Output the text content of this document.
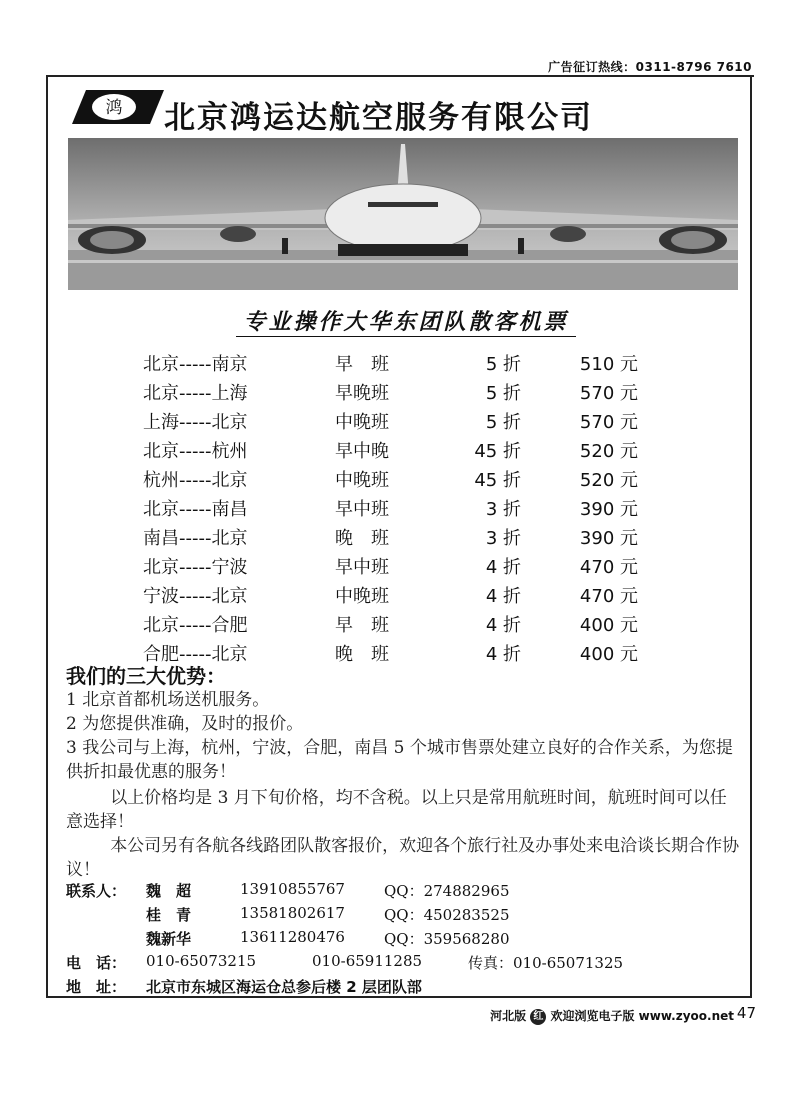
广告征订热线：0311-8796 7610
鸿 北京鸿运达航空服务有限公司
专业操作大华东团队散客机票
北京-----南京	早　班	5 折	510 元
北京-----上海	早晚班	5 折	570 元
上海-----北京	中晚班	5 折	570 元
北京-----杭州	早中晚	45 折	520 元
杭州-----北京	中晚班	45 折	520 元
北京-----南昌	早中班	3 折	390 元
南昌-----北京	晚　班	3 折	390 元
北京-----宁波	早中班	4 折	470 元
宁波-----北京	中晚班	4 折	470 元
北京-----合肥	早　班	4 折	400 元
合肥-----北京	晚　班	4 折	400 元
我们的三大优势：
1 北京首都机场送机服务。
2 为您提供准确，及时的报价。
3 我公司与上海，杭州，宁波，合肥，南昌 5 个城市售票处建立良好的合作关系，为您提供折扣最优惠的服务！
以上价格均是 3 月下旬价格，均不含税。以上只是常用航班时间，航班时间可以任意选择！
本公司另有各航各线路团队散客报价，欢迎各个旅行社及办事处来电洽谈长期合作协议！
联系人： 魏　超	13910855767	QQ：274882965
桂　青	13581802617	QQ：450283525
魏新华	13611280476	QQ：359568280
电　话： 010-65073215	010-65911285	传真：010-65071325
地　址： 北京市东城区海运仓总参后楼 2 层团队部
河北版 红 欢迎浏览电子版 www.zyoo.net 47
